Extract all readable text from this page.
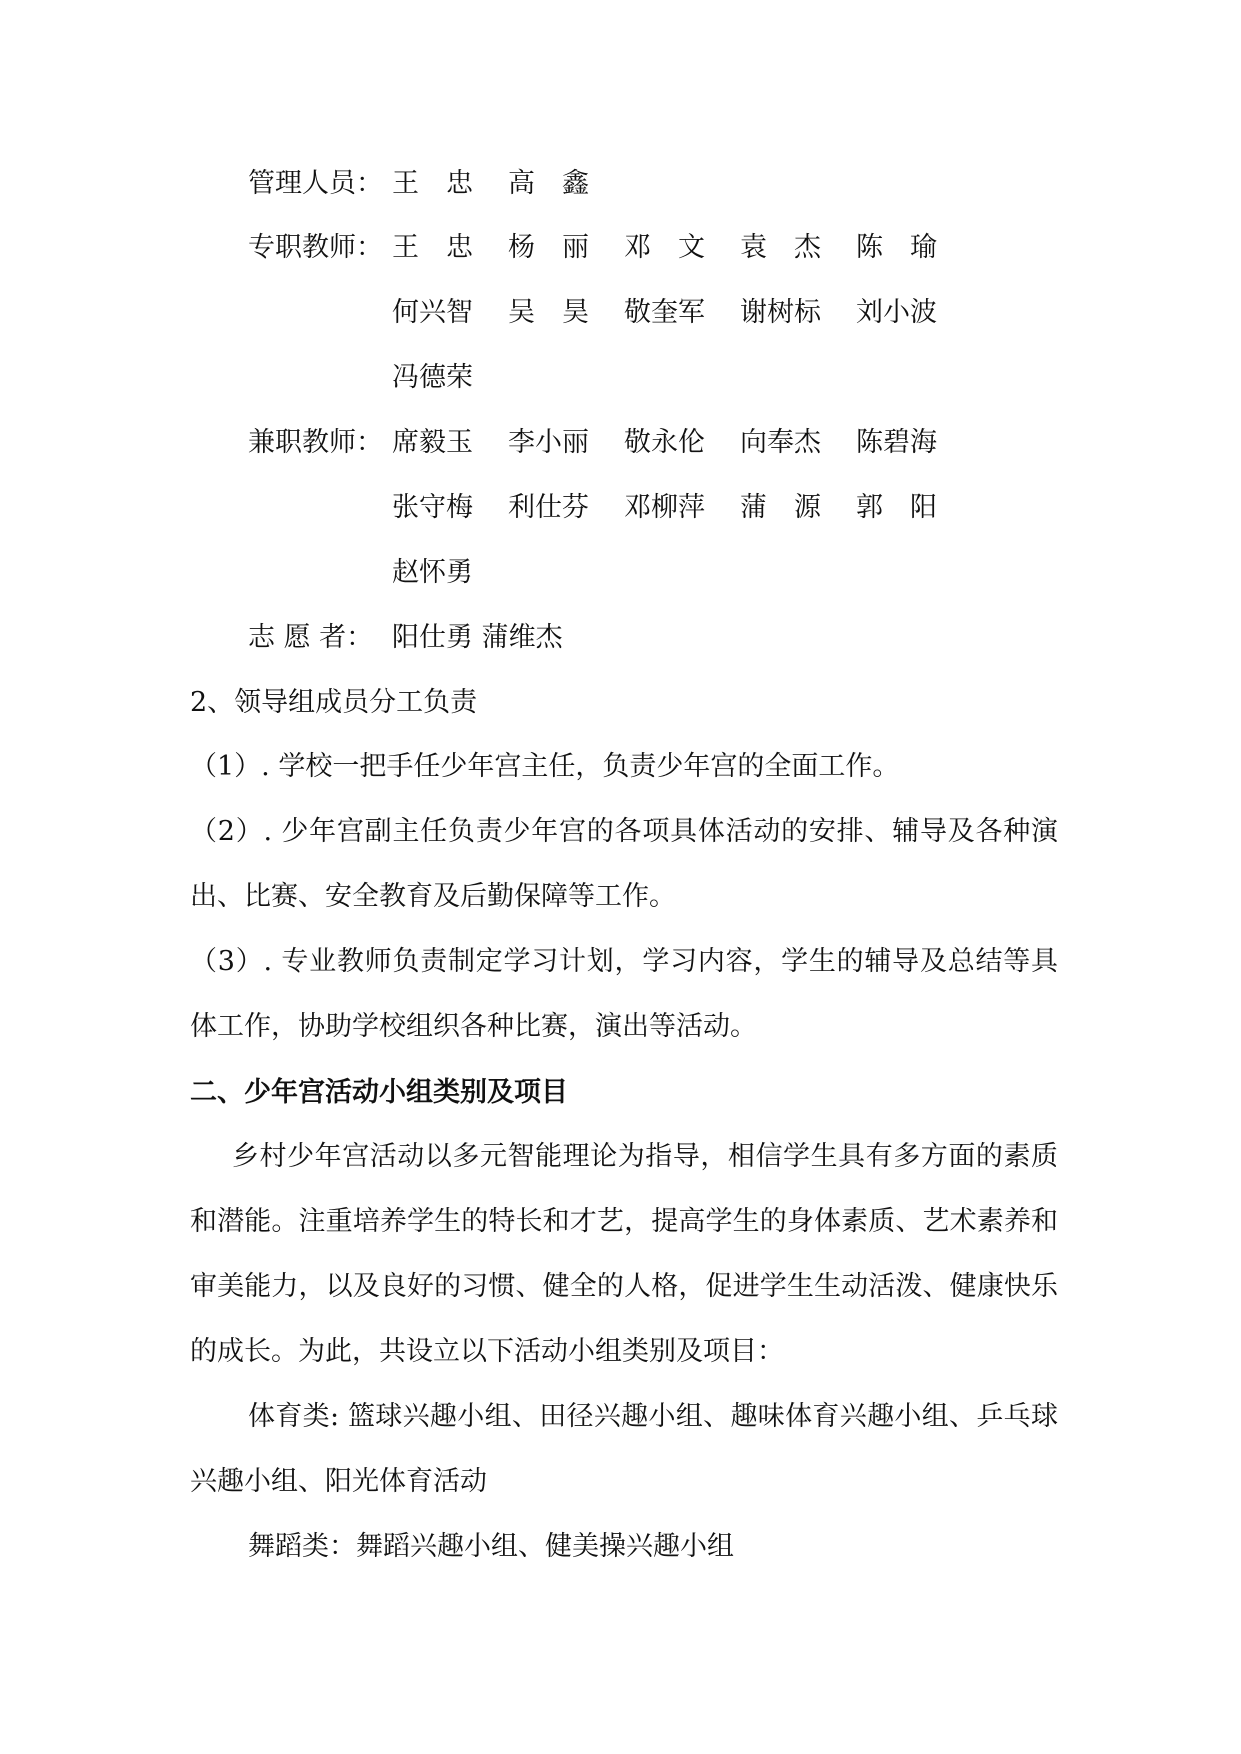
管理人员： 王　忠 高　鑫
专职教师： 王　忠 杨　丽 邓　文 袁　杰 陈　瑜
何兴智 吴　昊 敬奎军 谢树标 刘小波
冯德荣
兼职教师： 席毅玉 李小丽 敬永伦 向奉杰 陈碧海
张守梅 利仕芬 邓柳萍 蒲　源 郭　阳
赵怀勇
志 愿 者： 阳仕勇 蒲维杰
2、领导组成员分工负责
（1）. 学校一把手任少年宫主任，负责少年宫的全面工作。
（2）. 少年宫副主任负责少年宫的各项具体活动的安排、辅导及各种演出、比赛、安全教育及后勤保障等工作。
（3）. 专业教师负责制定学习计划，学习内容，学生的辅导及总结等具体工作，协助学校组织各种比赛，演出等活动。
二、少年宫活动小组类别及项目
乡村少年宫活动以多元智能理论为指导，相信学生具有多方面的素质和潜能。注重培养学生的特长和才艺，提高学生的身体素质、艺术素养和审美能力，以及良好的习惯、健全的人格，促进学生生动活泼、健康快乐的成长。为此，共设立以下活动小组类别及项目：
体育类: 篮球兴趣小组、田径兴趣小组、趣味体育兴趣小组、乒乓球兴趣小组、阳光体育活动
舞蹈类：舞蹈兴趣小组、健美操兴趣小组
